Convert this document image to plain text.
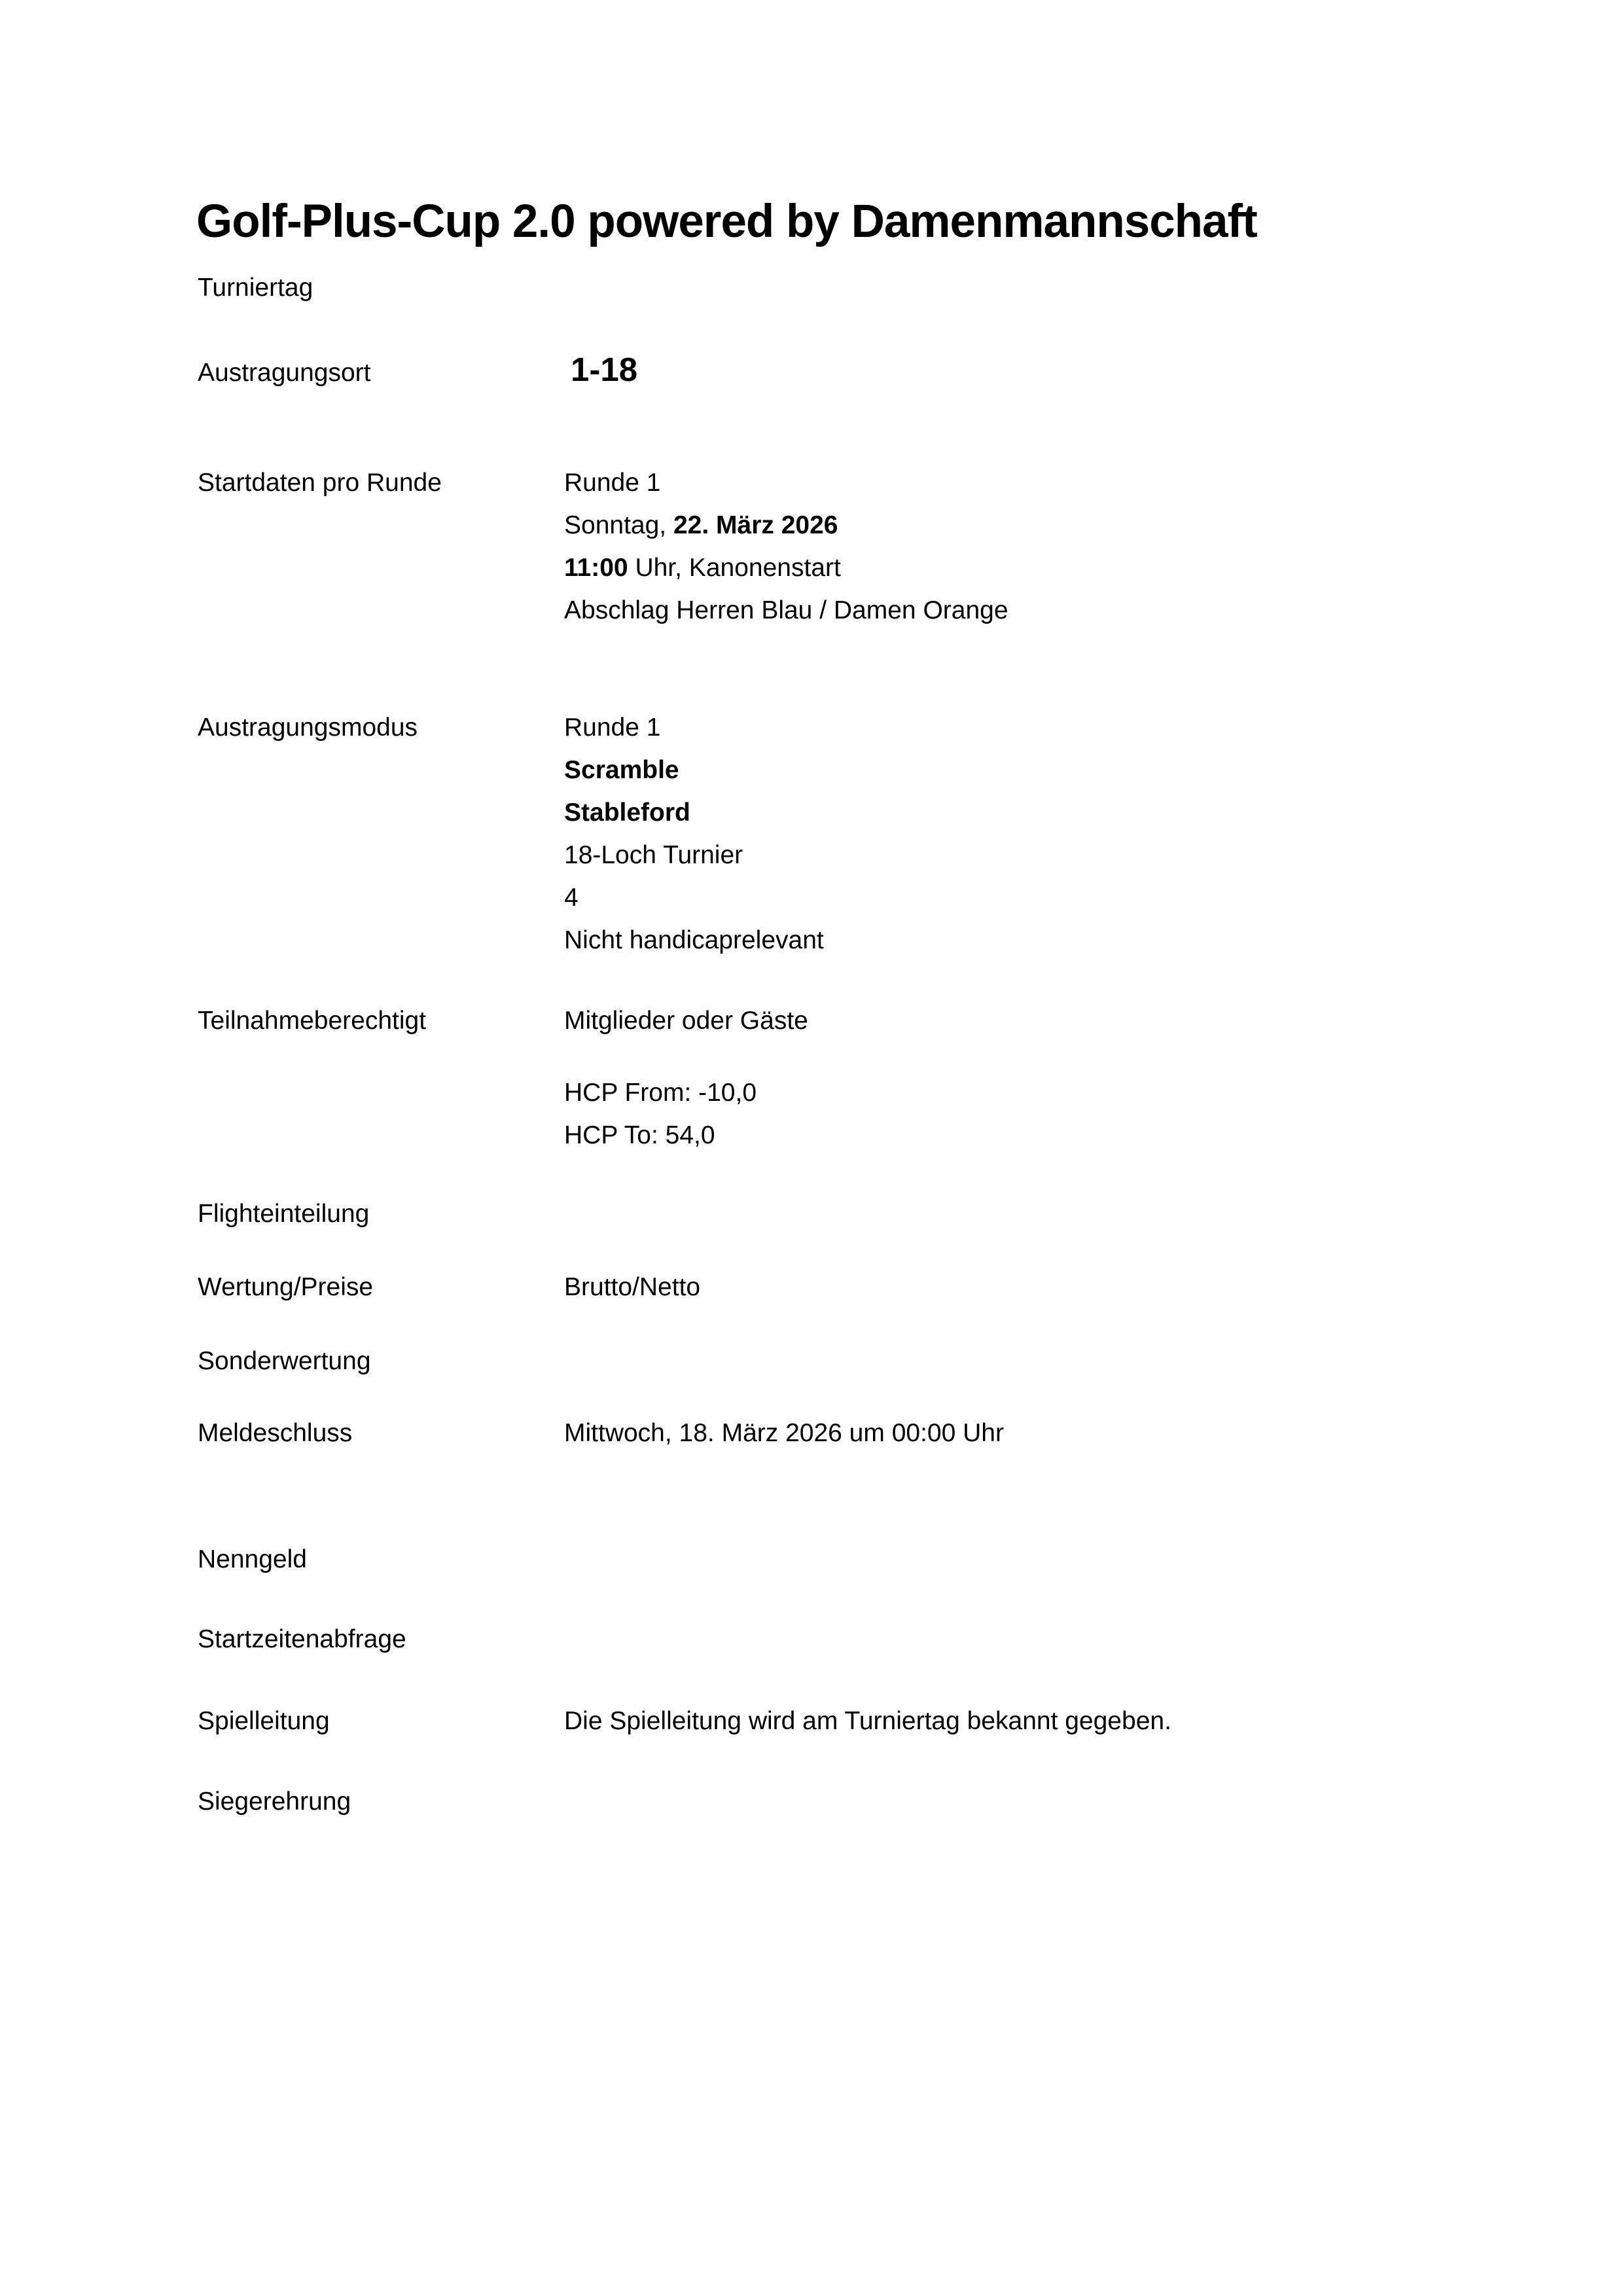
Golf-Plus-Cup 2.0 powered by Damenmannschaft
Turniertag
Austragungsort	1-18
Startdaten pro Runde	Runde 1
Sonntag, 22. März 2026
11:00 Uhr, Kanonenstart
Abschlag Herren Blau / Damen Orange
Austragungsmodus	Runde 1
Scramble
Stableford
18-Loch Turnier
4
Nicht handicaprelevant
Teilnahmeberechtigt	Mitglieder oder Gäste
HCP From: -10,0
HCP To: 54,0
Flighteinteilung
Wertung/Preise	Brutto/Netto
Sonderwertung
Meldeschluss	Mittwoch, 18. März 2026 um 00:00 Uhr
Nenngeld
Startzeitenabfrage
Spielleitung	Die Spielleitung wird am Turniertag bekannt gegeben.
Siegerehrung
